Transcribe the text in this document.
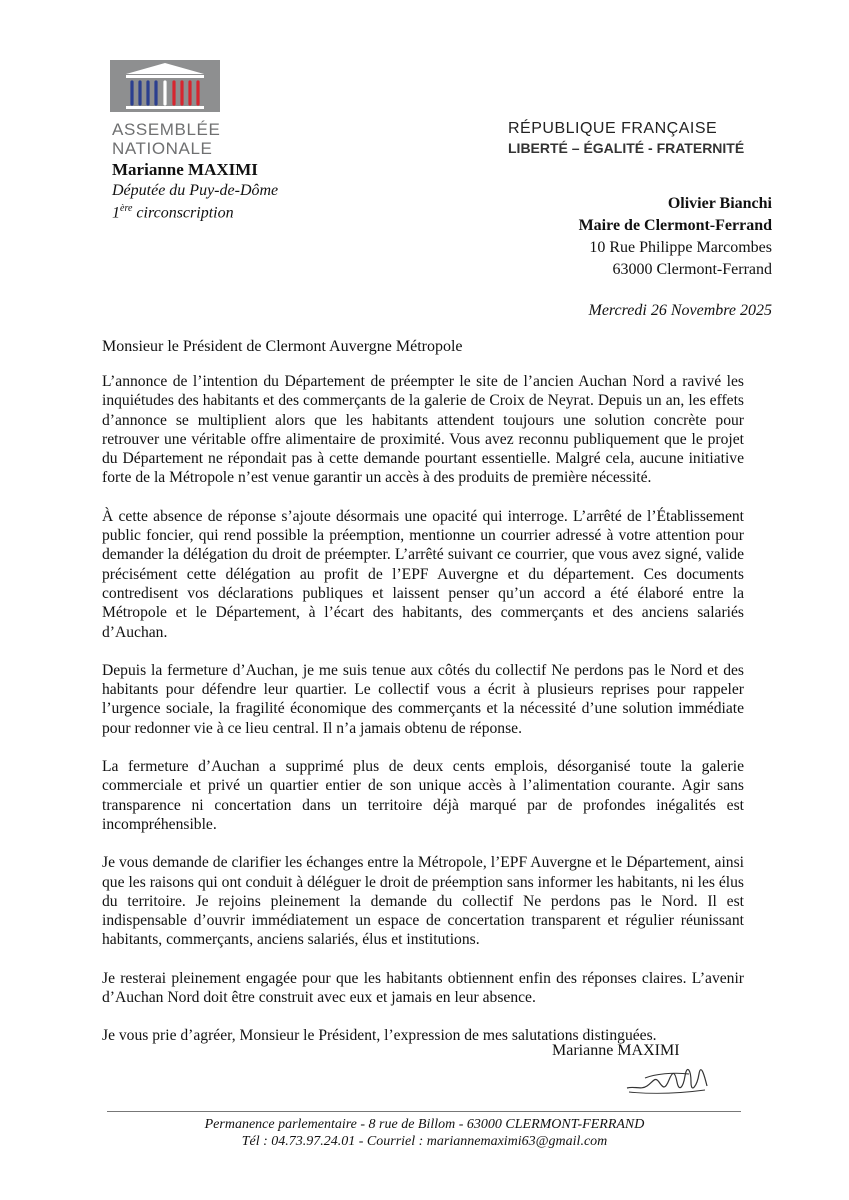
ASSEMBLÉE
NATIONALE
Marianne MAXIMI
Députée du Puy-de-Dôme
1ère circonscription
RÉPUBLIQUE FRANÇAISE
LIBERTÉ – ÉGALITÉ - FRATERNITÉ
Olivier Bianchi
Maire de Clermont-Ferrand
10 Rue Philippe Marcombes
63000 Clermont-Ferrand
Mercredi 26 Novembre 2025
Monsieur le Président de Clermont Auvergne Métropole

L’annonce de l’intention du Département de préempter le site de l’ancien Auchan Nord a ravivé les inquiétudes des habitants et des commerçants de la galerie de Croix de Neyrat. Depuis un an, les effets d’annonce se multiplient alors que les habitants attendent toujours une solution concrète pour retrouver une véritable offre alimentaire de proximité. Vous avez reconnu publiquement que le projet du Département ne répondait pas à cette demande pourtant essentielle. Malgré cela, aucune initiative forte de la Métropole n’est venue garantir un accès à des produits de première nécessité.

À cette absence de réponse s’ajoute désormais une opacité qui interroge. L’arrêté de l’Établissement public foncier, qui rend possible la préemption, mentionne un courrier adressé à votre attention pour demander la délégation du droit de préempter. L’arrêté suivant ce courrier, que vous avez signé, valide précisément cette délégation au profit de l’EPF Auvergne et du département. Ces documents contredisent vos déclarations publiques et laissent penser qu’un accord a été élaboré entre la Métropole et le Département, à l’écart des habitants, des commerçants et des anciens salariés d’Auchan.

Depuis la fermeture d’Auchan, je me suis tenue aux côtés du collectif Ne perdons pas le Nord et des habitants pour défendre leur quartier. Le collectif vous a écrit à plusieurs reprises pour rappeler l’urgence sociale, la fragilité économique des commerçants et la nécessité d’une solution immédiate pour redonner vie à ce lieu central. Il n’a jamais obtenu de réponse.

La fermeture d’Auchan a supprimé plus de deux cents emplois, désorganisé toute la galerie commerciale et privé un quartier entier de son unique accès à l’alimentation courante. Agir sans transparence ni concertation dans un territoire déjà marqué par de profondes inégalités est incompréhensible.

Je vous demande de clarifier les échanges entre la Métropole, l’EPF Auvergne et le Département, ainsi que les raisons qui ont conduit à déléguer le droit de préemption sans informer les habitants, ni les élus du territoire. Je rejoins pleinement la demande du collectif Ne perdons pas le Nord. Il est indispensable d’ouvrir immédiatement un espace de concertation transparent et régulier réunissant habitants, commerçants, anciens salariés, élus et institutions.

Je resterai pleinement engagée pour que les habitants obtiennent enfin des réponses claires. L’avenir d’Auchan Nord doit être construit avec eux et jamais en leur absence.

Je vous prie d’agréer, Monsieur le Président, l’expression de mes salutations distinguées.

Marianne MAXIMI
Permanence parlementaire - 8 rue de Billom - 63000 CLERMONT-FERRAND
Tél : 04.73.97.24.01 - Courriel : mariannemaximi63@gmail.com
